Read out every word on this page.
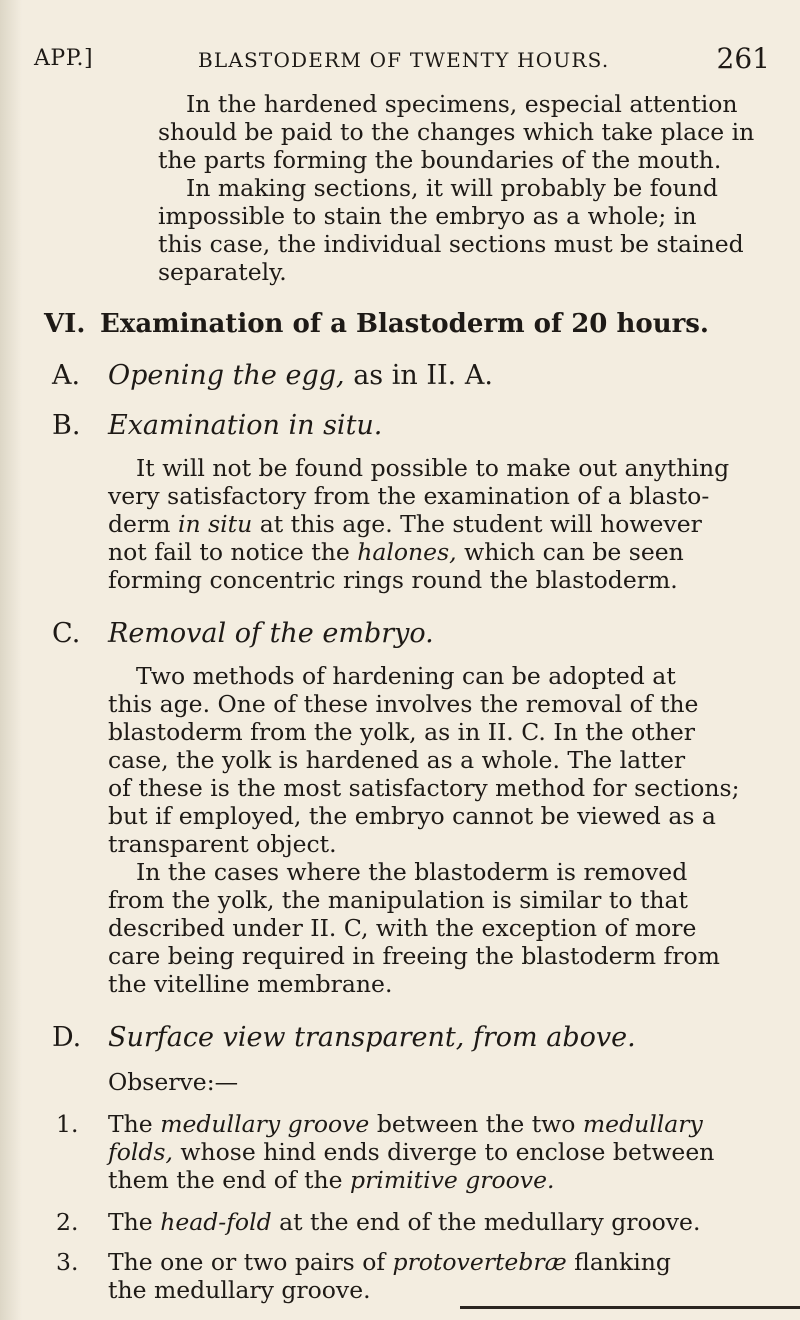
APP.]	BLASTODERM OF TWENTY HOURS.	261
In the hardened specimens, especial attention
should be paid to the changes which take place in
the parts forming the boundaries of the mouth.
In making sections, it will probably be found
impossible to stain the embryo as a whole; in
this case, the individual sections must be stained
separately.
VI. Examination of a Blastoderm of 20 hours.
A. Opening the egg, as in II. A.
B. Examination in situ.
It will not be found possible to make out anything
very satisfactory from the examination of a blasto-
derm in situ at this age. The student will however
not fail to notice the halones, which can be seen
forming concentric rings round the blastoderm.
C. Removal of the embryo.
Two methods of hardening can be adopted at
this age. One of these involves the removal of the
blastoderm from the yolk, as in II. C. In the other
case, the yolk is hardened as a whole. The latter
of these is the most satisfactory method for sections;
but if employed, the embryo cannot be viewed as a
transparent object.
In the cases where the blastoderm is removed
from the yolk, the manipulation is similar to that
described under II. C, with the exception of more
care being required in freeing the blastoderm from
the vitelline membrane.
D. Surface view transparent, from above.
Observe:—
1. The medullary groove between the two medullary
folds, whose hind ends diverge to enclose between
them the end of the primitive groove.
2. The head-fold at the end of the medullary groove.
3. The one or two pairs of protovertebræ flanking
the medullary groove.
